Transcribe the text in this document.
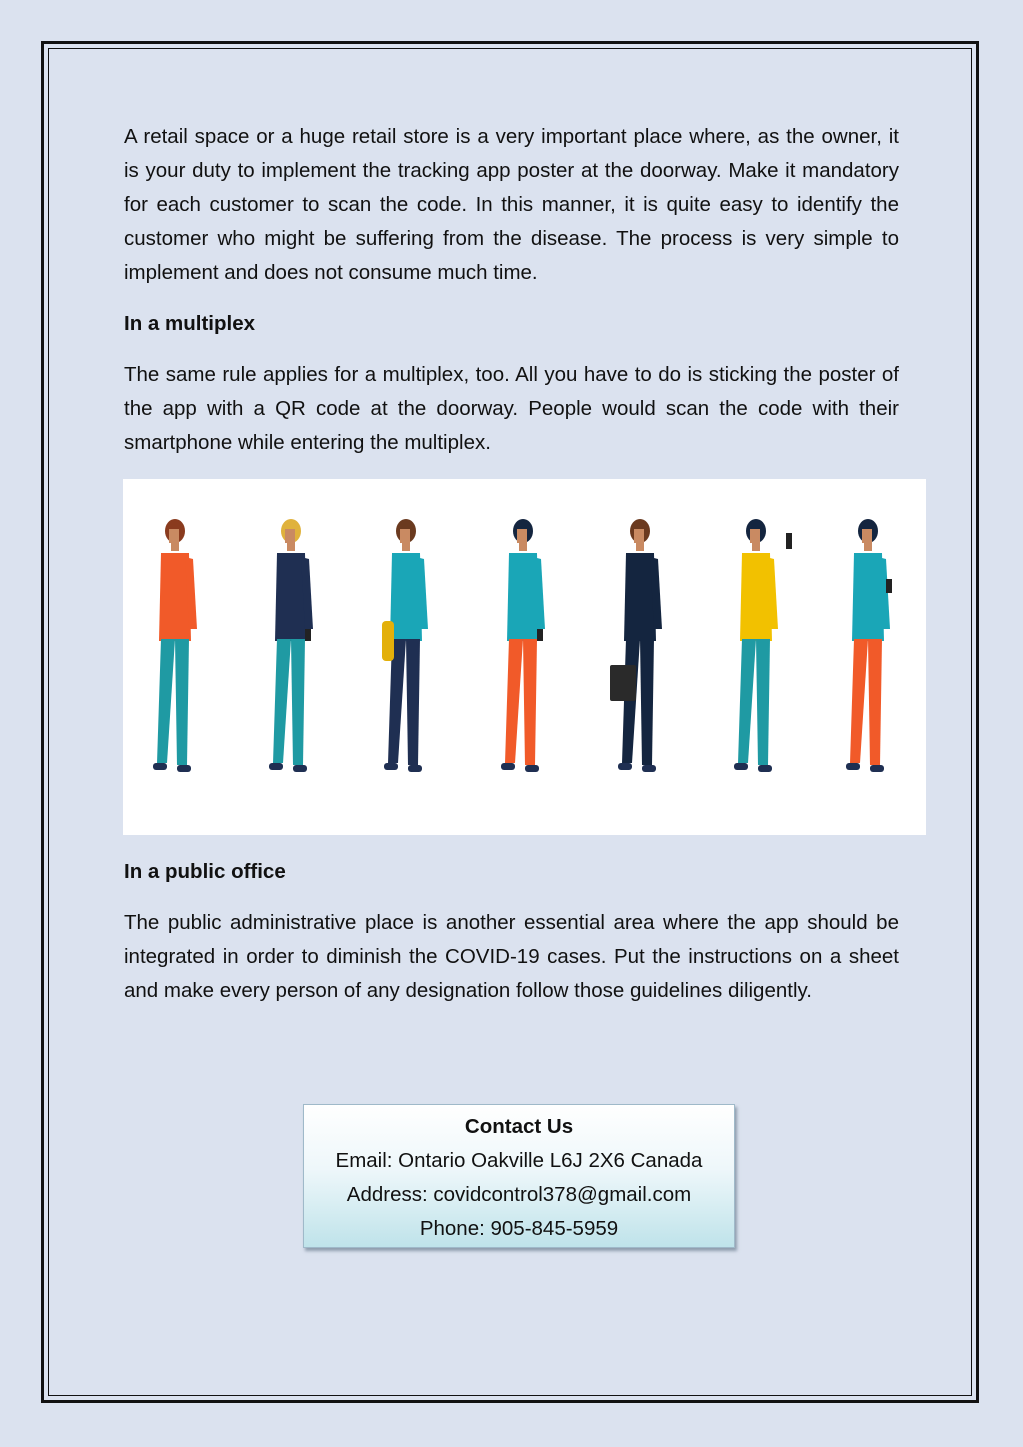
A retail space or a huge retail store is a very important place where, as the owner, it is your duty to implement the tracking app poster at the doorway. Make it mandatory for each customer to scan the code. In this manner, it is quite easy to identify the customer who might be suffering from the disease. The process is very simple to implement and does not consume much time.

In a multiplex

The same rule applies for a multiplex, too. All you have to do is sticking the poster of the app with a QR code at the doorway. People would scan the code with their smartphone while entering the multiplex.

In a public office

The public administrative place is another essential area where the app should be integrated in order to diminish the COVID-19 cases. Put the instructions on a sheet and make every person of any designation follow those guidelines diligently.

Contact Us
Email: Ontario Oakville L6J 2X6 Canada
Address: covidcontrol378@gmail.com
Phone: 905-845-5959
